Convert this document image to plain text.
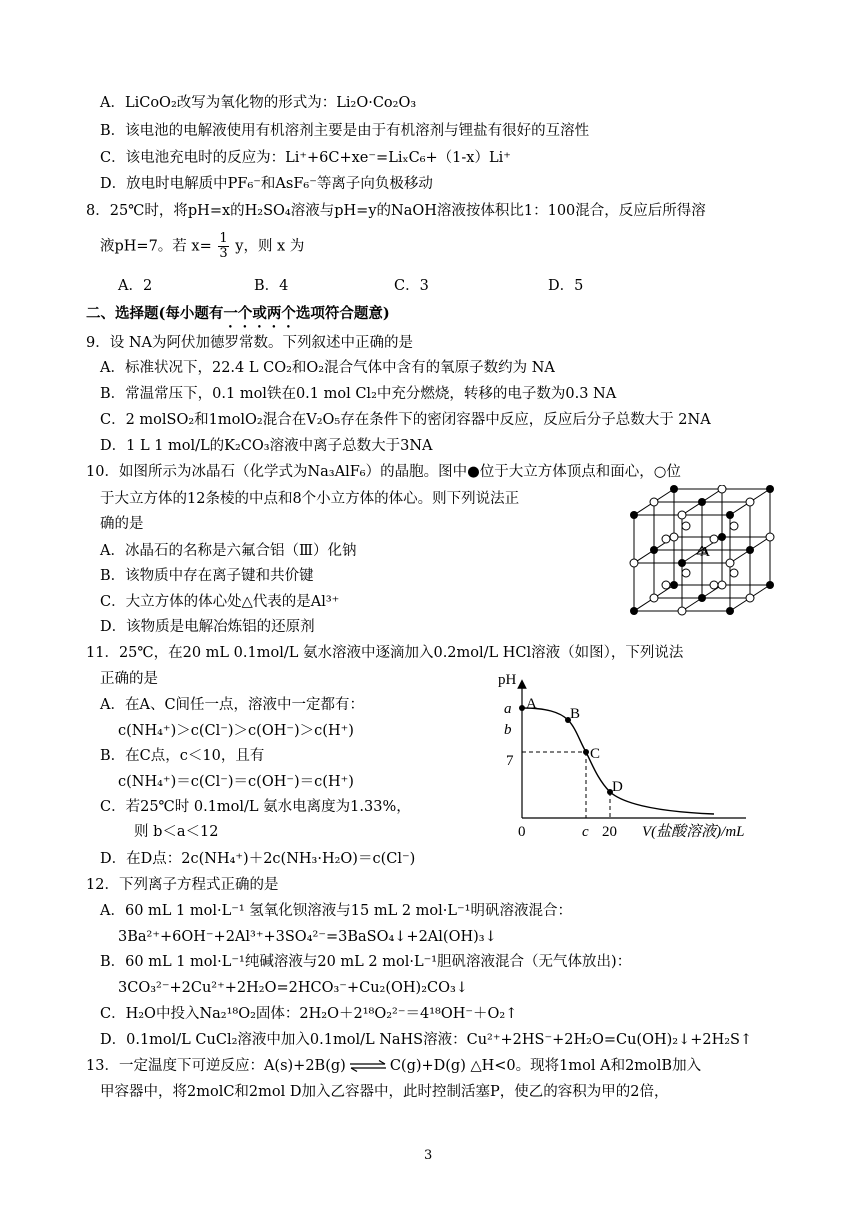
A．LiCoO₂改写为氧化物的形式为：Li₂O·Co₂O₃
B．该电池的电解液使用有机溶剂主要是由于有机溶剂与锂盐有很好的互溶性
C．该电池充电时的反应为：Li⁺+6C+xe⁻=LiₓC₆+（1-x）Li⁺
D．放电时电解质中PF₆⁻和AsF₆⁻等离子向负极移动
8．25℃时，将pH=x的H₂SO₄溶液与pH=y的NaOH溶液按体积比1：100混合，反应后所得溶
液pH=7。若 $x= \frac{1}{3}$ y，则 x 为
A．2	B．4	C．3	D．5
二、选择题(每小题有一个或两个选项符合题意)
9．设 NA为阿伏加德罗常数。下列叙述中正确的是
A．标准状况下，22.4 L CO₂和O₂混合气体中含有的氧原子数约为 NA
B．常温常压下，0.1 mol铁在0.1 mol Cl₂中充分燃烧，转移的电子数为0.3 NA
C．2 molSO₂和1molO₂混合在V₂O₅存在条件下的密闭容器中反应，反应后分子总数大于 2NA
D．1 L 1 mol/L的K₂CO₃溶液中离子总数大于3NA
10．如图所示为冰晶石（化学式为Na₃AlF₆）的晶胞。图中●位于大立方体顶点和面心，○位
于大立方体的12条棱的中点和8个小立方体的体心。则下列说法正
确的是
A．冰晶石的名称是六氟合铝（Ⅲ）化钠
B．该物质中存在离子键和共价键
C．大立方体的体心处△代表的是Al³⁺
D．该物质是电解冶炼铝的还原剂
A
11．25℃，在20 mL 0.1mol/L 氨水溶液中逐滴加入0.2mol/L HCl溶液（如图），下列说法
正确的是
A．在A、C间任一点，溶液中一定都有：
c(NH₄⁺)＞c(Cl⁻)＞c(OH⁻)＞c(H⁺)
B．在C点，c＜10，且有
c(NH₄⁺)＝c(Cl⁻)＝c(OH⁻)＝c(H⁺)
C．若25℃时 0.1mol/L 氨水电离度为1.33%，
则 b＜a＜12
D．在D点：2c(NH₄⁺)＋2c(NH₃·H₂O)＝c(Cl⁻)
pH
0	c 20 V(盐酸溶液)/mL
a
b
7
A
B
C
D
12．下列离子方程式正确的是
A．60 mL 1 mol·L⁻¹ 氢氧化钡溶液与15 mL 2 mol·L⁻¹明矾溶液混合：
3Ba²⁺+6OH⁻+2Al³⁺+3SO₄²⁻=3BaSO₄↓+2Al(OH)₃↓
B．60 mL 1 mol·L⁻¹纯碱溶液与20 mL 2 mol·L⁻¹胆矾溶液混合（无气体放出)：
3CO₃²⁻+2Cu²⁺+2H₂O=2HCO₃⁻+Cu₂(OH)₂CO₃↓
C．H₂O中投入Na₂¹⁸O₂固体：2H₂O＋2¹⁸O₂²⁻＝4¹⁸OH⁻＋O₂↑
D．0.1mol/L CuCl₂溶液中加入0.1mol/L NaHS溶液：Cu²⁺+2HS⁻+2H₂O=Cu(OH)₂↓+2H₂S↑
13．一定温度下可逆反应：A(s)+2B(g) ⇌ C(g)+D(g) △H<0。现将1mol A和2molB加入
甲容器中，将2molC和2mol D加入乙容器中，此时控制活塞P，使乙的容积为甲的2倍，
3
